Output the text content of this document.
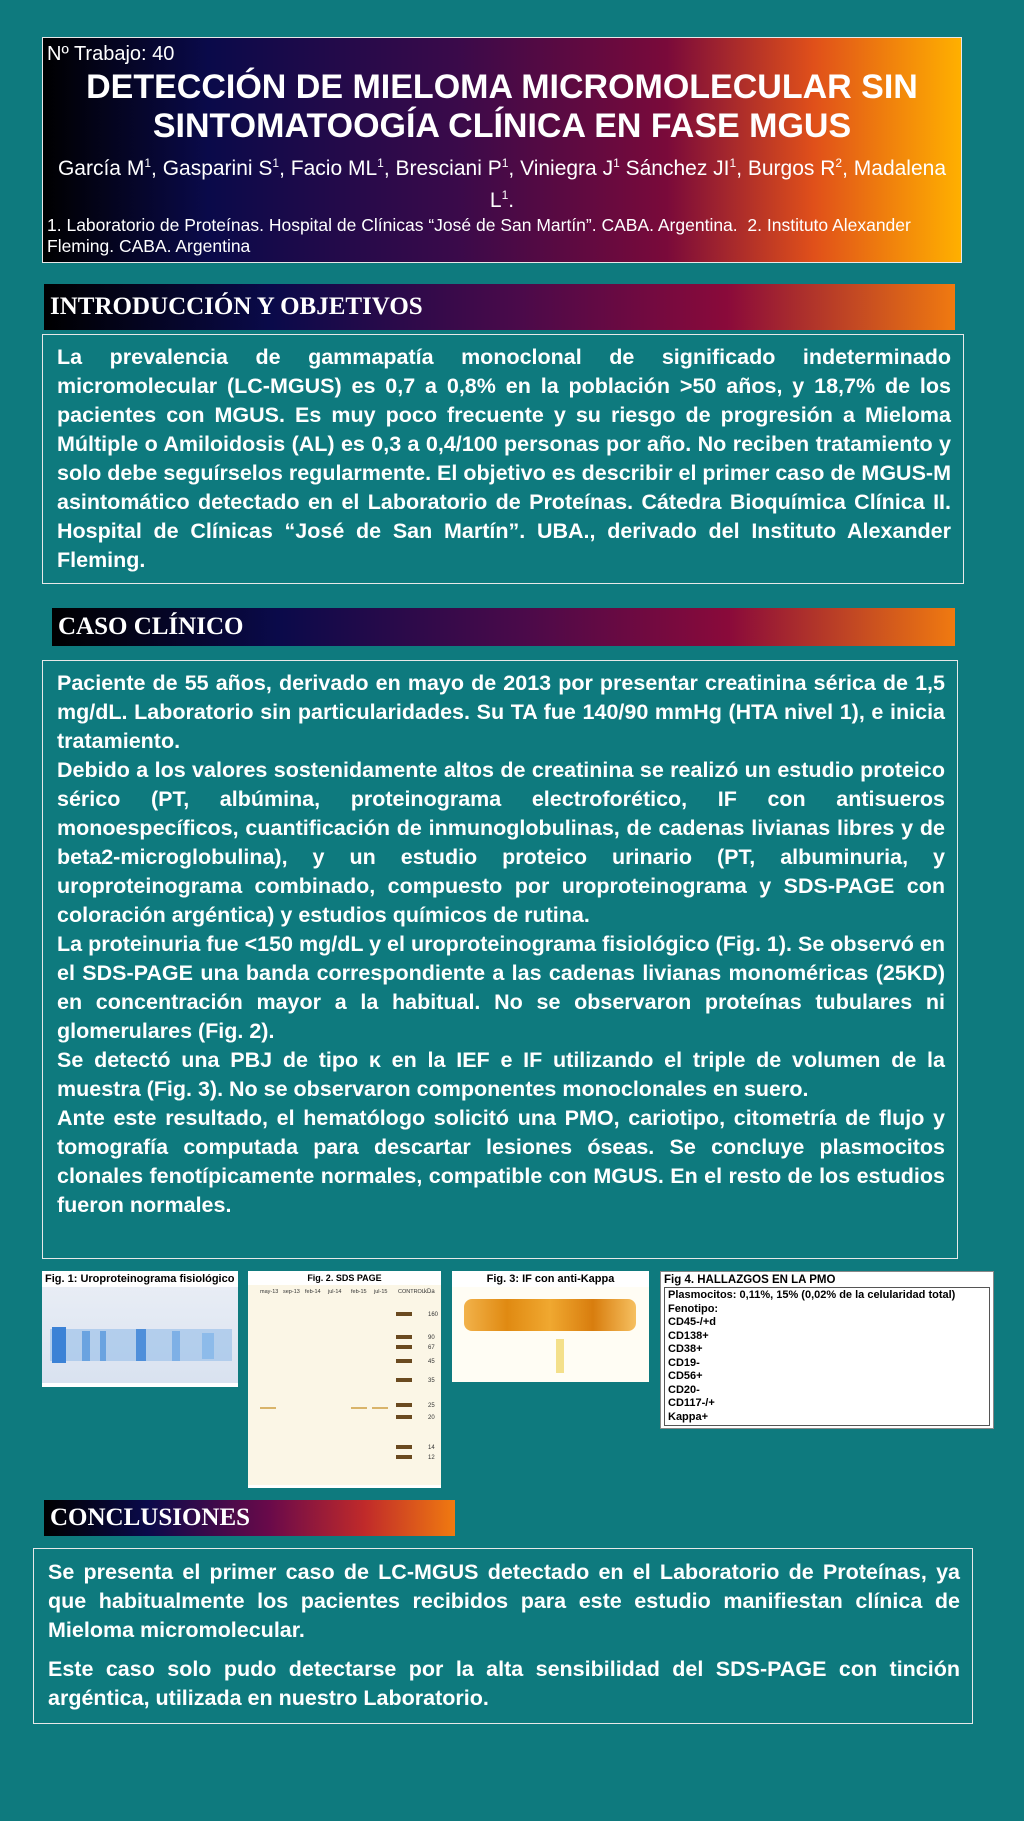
Nº Trabajo: 40
DETECCIÓN DE MIELOMA MICROMOLECULAR SIN
SINTOMATOOGÍA CLÍNICA EN FASE MGUS
García $M^1$, Gasparini $S^1$, Facio $ML^1$, Bresciani $P^1$, Viniegra $J^1$ Sánchez $JI^1$, Burgos $R^2$, Madalena $L^1$.
1. Laboratorio de Proteínas. Hospital de Clínicas “José de San Martín”. CABA. Argentina. 2. Instituto Alexander Fleming. CABA. Argentina
INTRODUCCIÓN Y OBJETIVOS

La prevalencia de gammapatía monoclonal de significado indeterminado micromolecular (LC-MGUS) es 0,7 a 0,8% en la población >50 años, y 18,7% de los pacientes con MGUS. Es muy poco frecuente y su riesgo de progresión a Mieloma Múltiple o Amiloidosis (AL) es 0,3 a 0,4/100 personas por año. No reciben tratamiento y solo debe seguírselos regularmente. El objetivo es describir el primer caso de MGUS-M asintomático detectado en el Laboratorio de Proteínas. Cátedra Bioquímica Clínica II. Hospital de Clínicas “José de San Martín”. UBA., derivado del Instituto Alexander Fleming.

CASO CLÍNICO

Paciente de 55 años, derivado en mayo de 2013 por presentar creatinina sérica de 1,5 mg/dL. Laboratorio sin particularidades. Su TA fue 140/90 mmHg (HTA nivel 1), e inicia tratamiento.

Debido a los valores sostenidamente altos de creatinina se realizó un estudio proteico sérico (PT, albúmina, proteinograma electroforético, IF con antisueros monoespecíficos, cuantificación de inmunoglobulinas, de cadenas livianas libres y de beta2-microglobulina), y un estudio proteico urinario (PT, albuminuria, y uroproteinograma combinado, compuesto por uroproteinograma y SDS-PAGE con coloración argéntica) y estudios químicos de rutina.

La proteinuria fue <150 mg/dL y el uroproteinograma fisiológico (Fig. 1). Se observó en el SDS-PAGE una banda correspondiente a las cadenas livianas monoméricas (25KD) en concentración mayor a la habitual. No se observaron proteínas tubulares ni glomerulares (Fig. 2).

Se detectó una PBJ de tipo κ en la IEF e IF utilizando el triple de volumen de la muestra (Fig. 3). No se observaron componentes monoclonales en suero.

Ante este resultado, el hematólogo solicitó una PMO, cariotipo, citometría de flujo y tomografía computada para descartar lesiones óseas. Se concluye plasmocitos clonales fenotípicamente normales, compatible con MGUS. En el resto de los estudios fueron normales.

Fig. 1: Uroproteinograma fisiológico	Fig. 2. SDS PAGE
may-13 sep-13 feb-14 jul-14 feb-15 jul-15 CONTROL kDa
160
90
67
45
35
25
20
14
12
Fig. 3: IF con anti-Kappa	Fig 4. HALLAZGOS EN LA PMO
Plasmocitos: 0,11%, 15% (0,02% de la celularidad total)
Fenotipo:
CD45-/+d
CD138+
CD38+
CD19-
CD56+
CD20-
CD117-/+
Kappa+
CONCLUSIONES

Se presenta el primer caso de LC-MGUS detectado en el Laboratorio de Proteínas, ya que habitualmente los pacientes recibidos para este estudio manifiestan clínica de Mieloma micromolecular.

Este caso solo pudo detectarse por la alta sensibilidad del SDS-PAGE con tinción argéntica, utilizada en nuestro Laboratorio.
